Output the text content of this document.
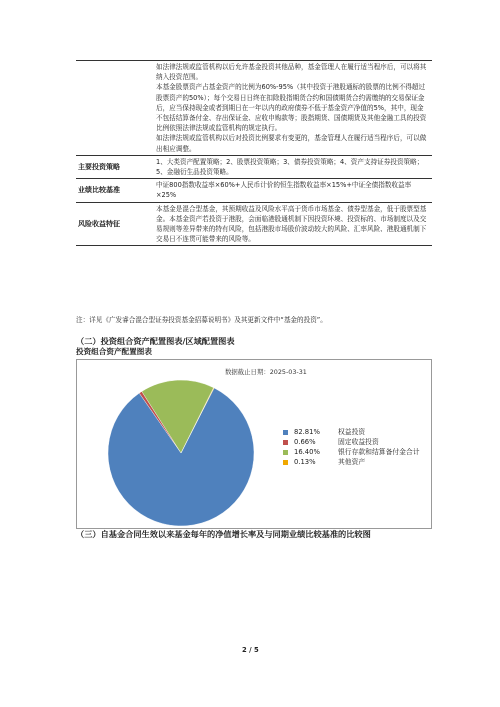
	如法律法规或监管机构以后允许基金投资其他品种，基金管理人在履行适当程序后，可以将其纳入投资范围。

本基金股票资产占基金资产的比例为60%-95%（其中投资于港股通标的股票的比例不得超过股票资产的50%）；每个交易日日终在扣除股指期货合约和国债期货合约需缴纳的交易保证金后，应当保持现金或者到期日在一年以内的政府债券不低于基金资产净值的5%，其中，现金不包括结算备付金、存出保证金、应收申购款等；股指期货、国债期货及其他金融工具的投资比例依照法律法规或监管机构的规定执行。

如法律法规或监管机构以后对投资比例要求有变更的，基金管理人在履行适当程序后，可以做出相应调整。

主要投资策略	1、大类资产配置策略；2、股票投资策略；3、债券投资策略；4、资产支持证券投资策略；5、金融衍生品投资策略。

业绩比较基准	中证800指数收益率×60%+人民币计价的恒生指数收益率×15%+中证全债指数收益率×25%

风险收益特征	本基金是混合型基金，其预期收益及风险水平高于货币市场基金、债券型基金，低于股票型基金。本基金资产若投资于港股，会面临港股通机制下因投资环境、投资标的、市场制度以及交易规则等差异带来的特有风险，包括港股市场股价波动较大的风险、汇率风险、港股通机制下交易日不连贯可能带来的风险等。

注：详见《广发睿合混合型证券投资基金招募说明书》及其更新文件中“基金的投资”。
（二）投资组合资产配置图表/区域配置图表
投资组合资产配置图表
数据截止日期：2025-03-31
82.81%	权益投资
0.66%	固定收益投资
16.40%	银行存款和结算备付金合计
0.13%	其他资产
（三）自基金合同生效以来基金每年的净值增长率及与同期业绩比较基准的比较图
2 / 5
